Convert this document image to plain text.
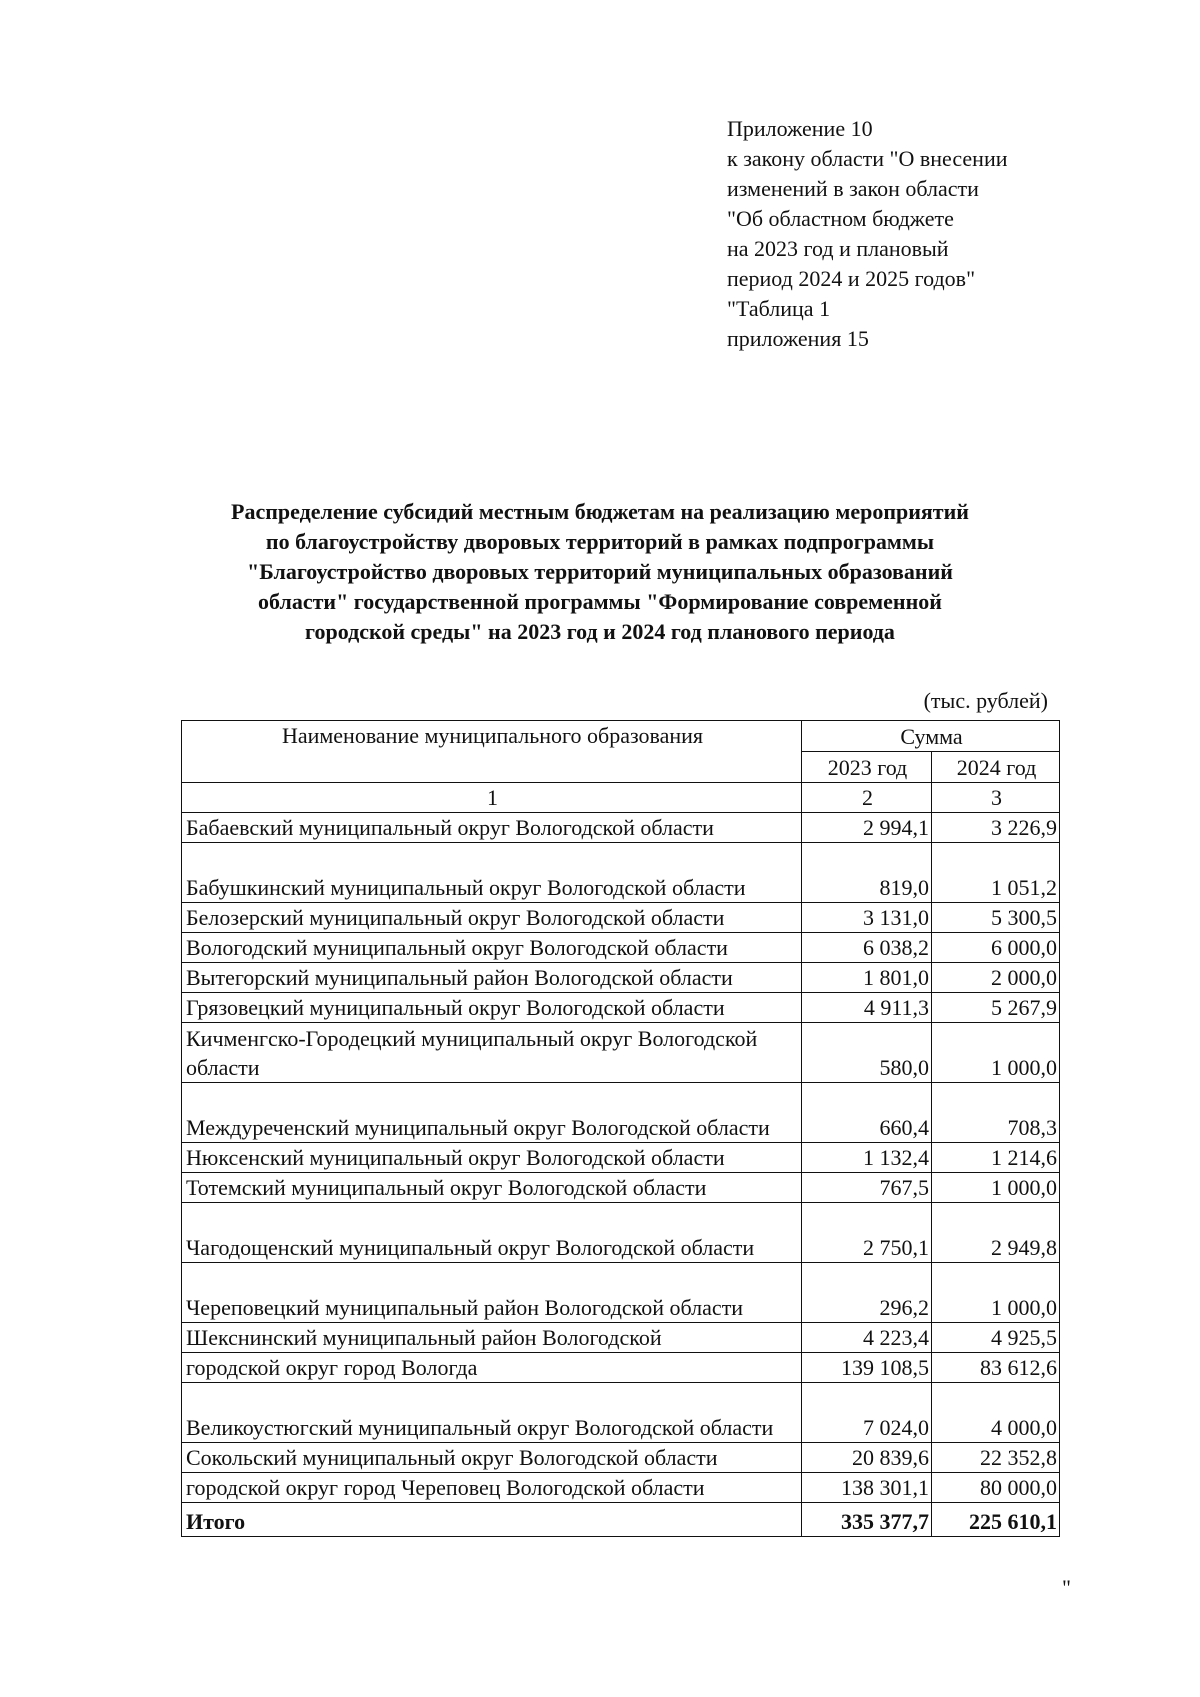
Приложение 10
к закону области "О внесении
изменений в закон области
"Об областном бюджете
на 2023 год и плановый
период 2024 и 2025 годов"
"Таблица 1
приложения 15
Распределение субсидий местным бюджетам на реализацию мероприятий
по благоустройству дворовых территорий в рамках подпрограммы
"Благоустройство дворовых территорий муниципальных образований
области" государственной программы "Формирование современной
городской среды" на 2023 год и 2024 год планового периода
(тыс. рублей)
Наименование муниципального образования	Сумма	
	2023 год	2024 год
1	2	3
Бабаевский муниципальный округ Вологодской области	2 994,1	3 226,9
Бабушкинский муниципальный округ Вологодской области	819,0	1 051,2
Белозерский муниципальный округ Вологодской области	3 131,0	5 300,5
Вологодский муниципальный округ Вологодской области	6 038,2	6 000,0
Вытегорский муниципальный район Вологодской области	1 801,0	2 000,0
Грязовецкий муниципальный округ Вологодской области	4 911,3	5 267,9
Кичменгско-Городецкий муниципальный округ Вологодской области	580,0	1 000,0
Междуреченский муниципальный округ Вологодской области	660,4	708,3
Нюксенский муниципальный округ Вологодской области	1 132,4	1 214,6
Тотемский муниципальный округ Вологодской области	767,5	1 000,0
Чагодощенский муниципальный округ Вологодской области	2 750,1	2 949,8
Череповецкий муниципальный район Вологодской области	296,2	1 000,0
Шекснинский муниципальный район Вологодской	4 223,4	4 925,5
городской округ город Вологда	139 108,5	83 612,6
Великоустюгский муниципальный округ Вологодской области	7 024,0	4 000,0
Сокольский муниципальный округ Вологодской области	20 839,6	22 352,8
городской округ город Череповец Вологодской области	138 301,1	80 000,0
Итого	335 377,7	225 610,1
"
